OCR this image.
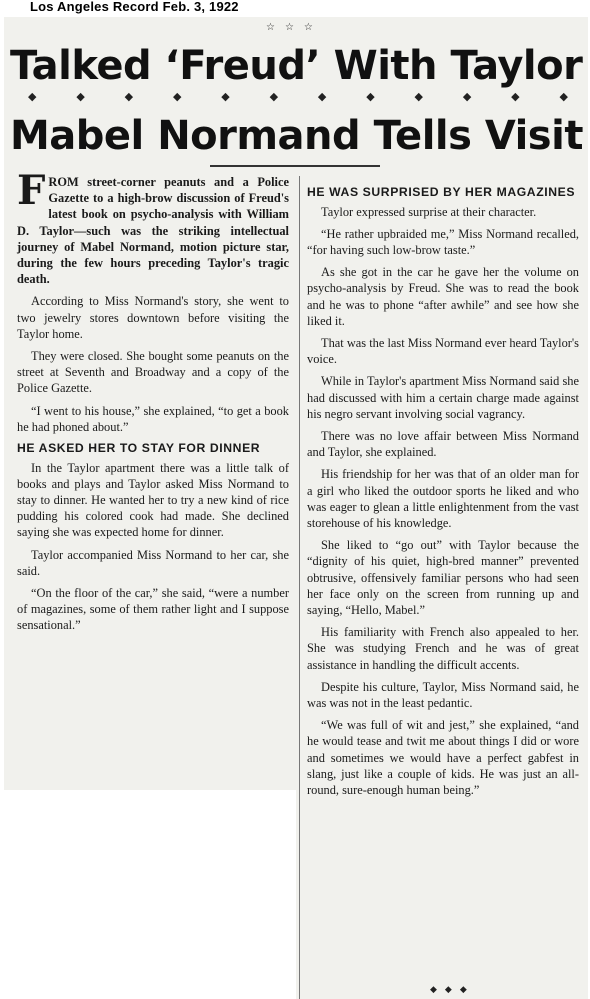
Los Angeles Record Feb. 3, 1922
☆☆☆
Talked ‘Freud’ With Taylor
◆	◆	◆	◆	◆	◆	◆	◆	◆	◆	◆	◆
Mabel Normand Tells Visit

FROM street-corner peanuts and a Police Gazette to a high-brow discussion of Freud's latest book on psycho-analysis with William D. Taylor—such was the striking intellectual journey of Mabel Normand, motion picture star, during the few hours preceding Taylor's tragic death.

According to Miss Normand's story, she went to two jewelry stores downtown before visiting the Taylor home.

They were closed. She bought some peanuts on the street at Seventh and Broadway and a copy of the Police Gazette.

“I went to his house,” she explained, “to get a book he had phoned about.”

HE ASKED HER TO STAY FOR DINNER

In the Taylor apartment there was a little talk of books and plays and Taylor asked Miss Normand to stay to dinner. He wanted her to try a new kind of rice pudding his colored cook had made. She declined saying she was expected home for dinner.

Taylor accompanied Miss Normand to her car, she said.

“On the floor of the car,” she said, “were a number of magazines, some of them rather light and I suppose sensational.”

HE WAS SURPRISED BY HER MAGAZINES

Taylor expressed surprise at their character.

“He rather upbraided me,” Miss Normand recalled, “for having such low-brow taste.”

As she got in the car he gave her the volume on psycho-analysis by Freud. She was to read the book and he was to phone “after awhile” and see how she liked it.

That was the last Miss Normand ever heard Taylor's voice.

While in Taylor's apartment Miss Normand said she had discussed with him a certain charge made against his negro servant involving social vagrancy.

There was no love affair between Miss Normand and Taylor, she explained.

His friendship for her was that of an older man for a girl who liked the outdoor sports he liked and who was eager to glean a little enlightenment from the vast storehouse of his knowledge.

She liked to “go out” with Taylor because the “dignity of his quiet, high-bred manner” prevented obtrusive, offensively familiar persons who had seen her face only on the screen from running up and saying, “Hello, Mabel.”

His familiarity with French also appealed to her. She was studying French and he was of great assistance in handling the difficult accents.

Despite his culture, Taylor, Miss Normand said, he was was not in the least pedantic.

“We was full of wit and jest,” she explained, “and he would tease and twit me about things I did or wore and sometimes we would have a perfect gabfest in slang, just like a couple of kids. He was just an all-round, sure-enough human being.”

◆◆◆
